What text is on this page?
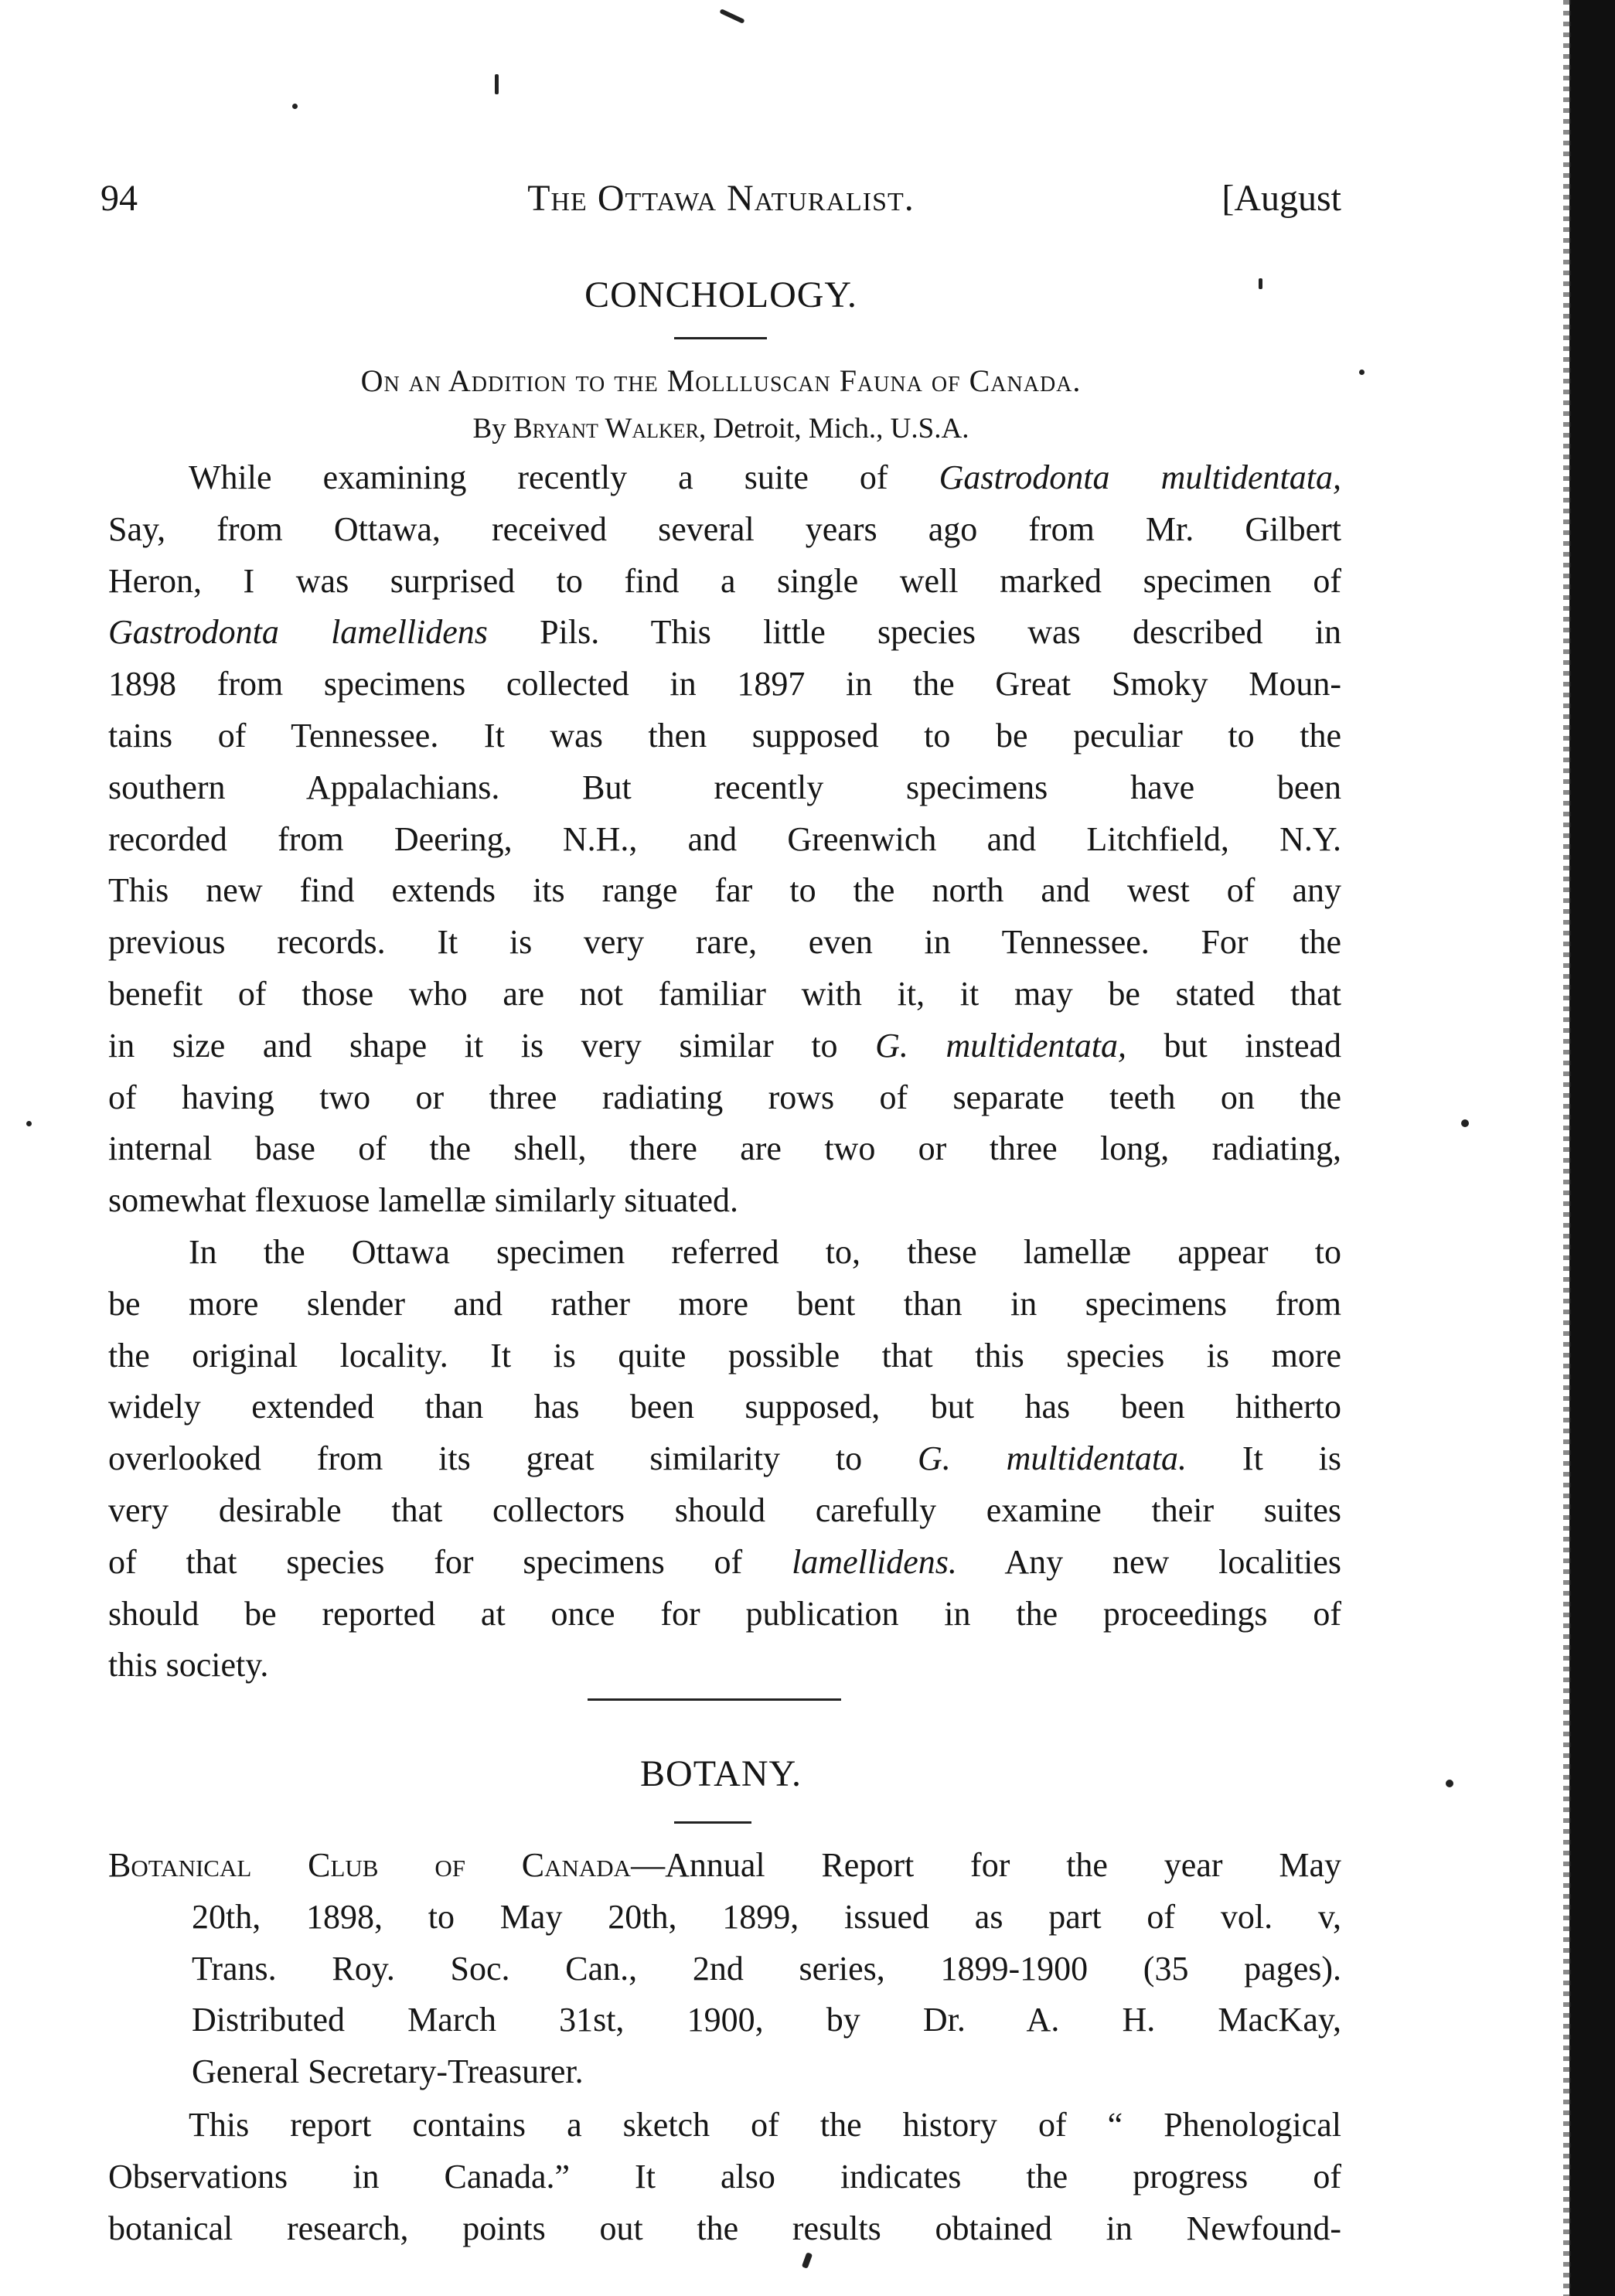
94	The Ottawa Naturalist.	[August
CONCHOLOGY.
On an Addition to the Mollluscan Fauna of Canada.
By Bryant Walker, Detroit, Mich., U.S.A.
While examining recently a suite of Gastrodonta multidentata,
Say, from Ottawa, received several years ago from Mr. Gilbert
Heron, I was surprised to find a single well marked specimen of
Gastrodonta lamellidens Pils. This little species was described in
1898 from specimens collected in 1897 in the Great Smoky Moun-
tains of Tennessee. It was then supposed to be peculiar to the
southern Appalachians. But recently specimens have been
recorded from Deering, N.H., and Greenwich and Litchfield, N.Y.
This new find extends its range far to the north and west of any
previous records. It is very rare, even in Tennessee. For the
benefit of those who are not familiar with it, it may be stated that
in size and shape it is very similar to G. multidentata, but instead
of having two or three radiating rows of separate teeth on the
internal base of the shell, there are two or three long, radiating,
somewhat flexuose lamellæ similarly situated.
In the Ottawa specimen referred to, these lamellæ appear to
be more slender and rather more bent than in specimens from
the original locality. It is quite possible that this species is more
widely extended than has been supposed, but has been hitherto
overlooked from its great similarity to G. multidentata. It is
very desirable that collectors should carefully examine their suites
of that species for specimens of lamellidens. Any new localities
should be reported at once for publication in the proceedings of
this society.
BOTANY.
Botanical Club of Canada—Annual Report for the year May
20th, 1898, to May 20th, 1899, issued as part of vol. v,
Trans. Roy. Soc. Can., 2nd series, 1899-1900 (35 pages).
Distributed March 31st, 1900, by Dr. A. H. MacKay,
General Secretary-Treasurer.
This report contains a sketch of the history of “ Phenological
Observations in Canada.” It also indicates the progress of
botanical research, points out the results obtained in Newfound-
